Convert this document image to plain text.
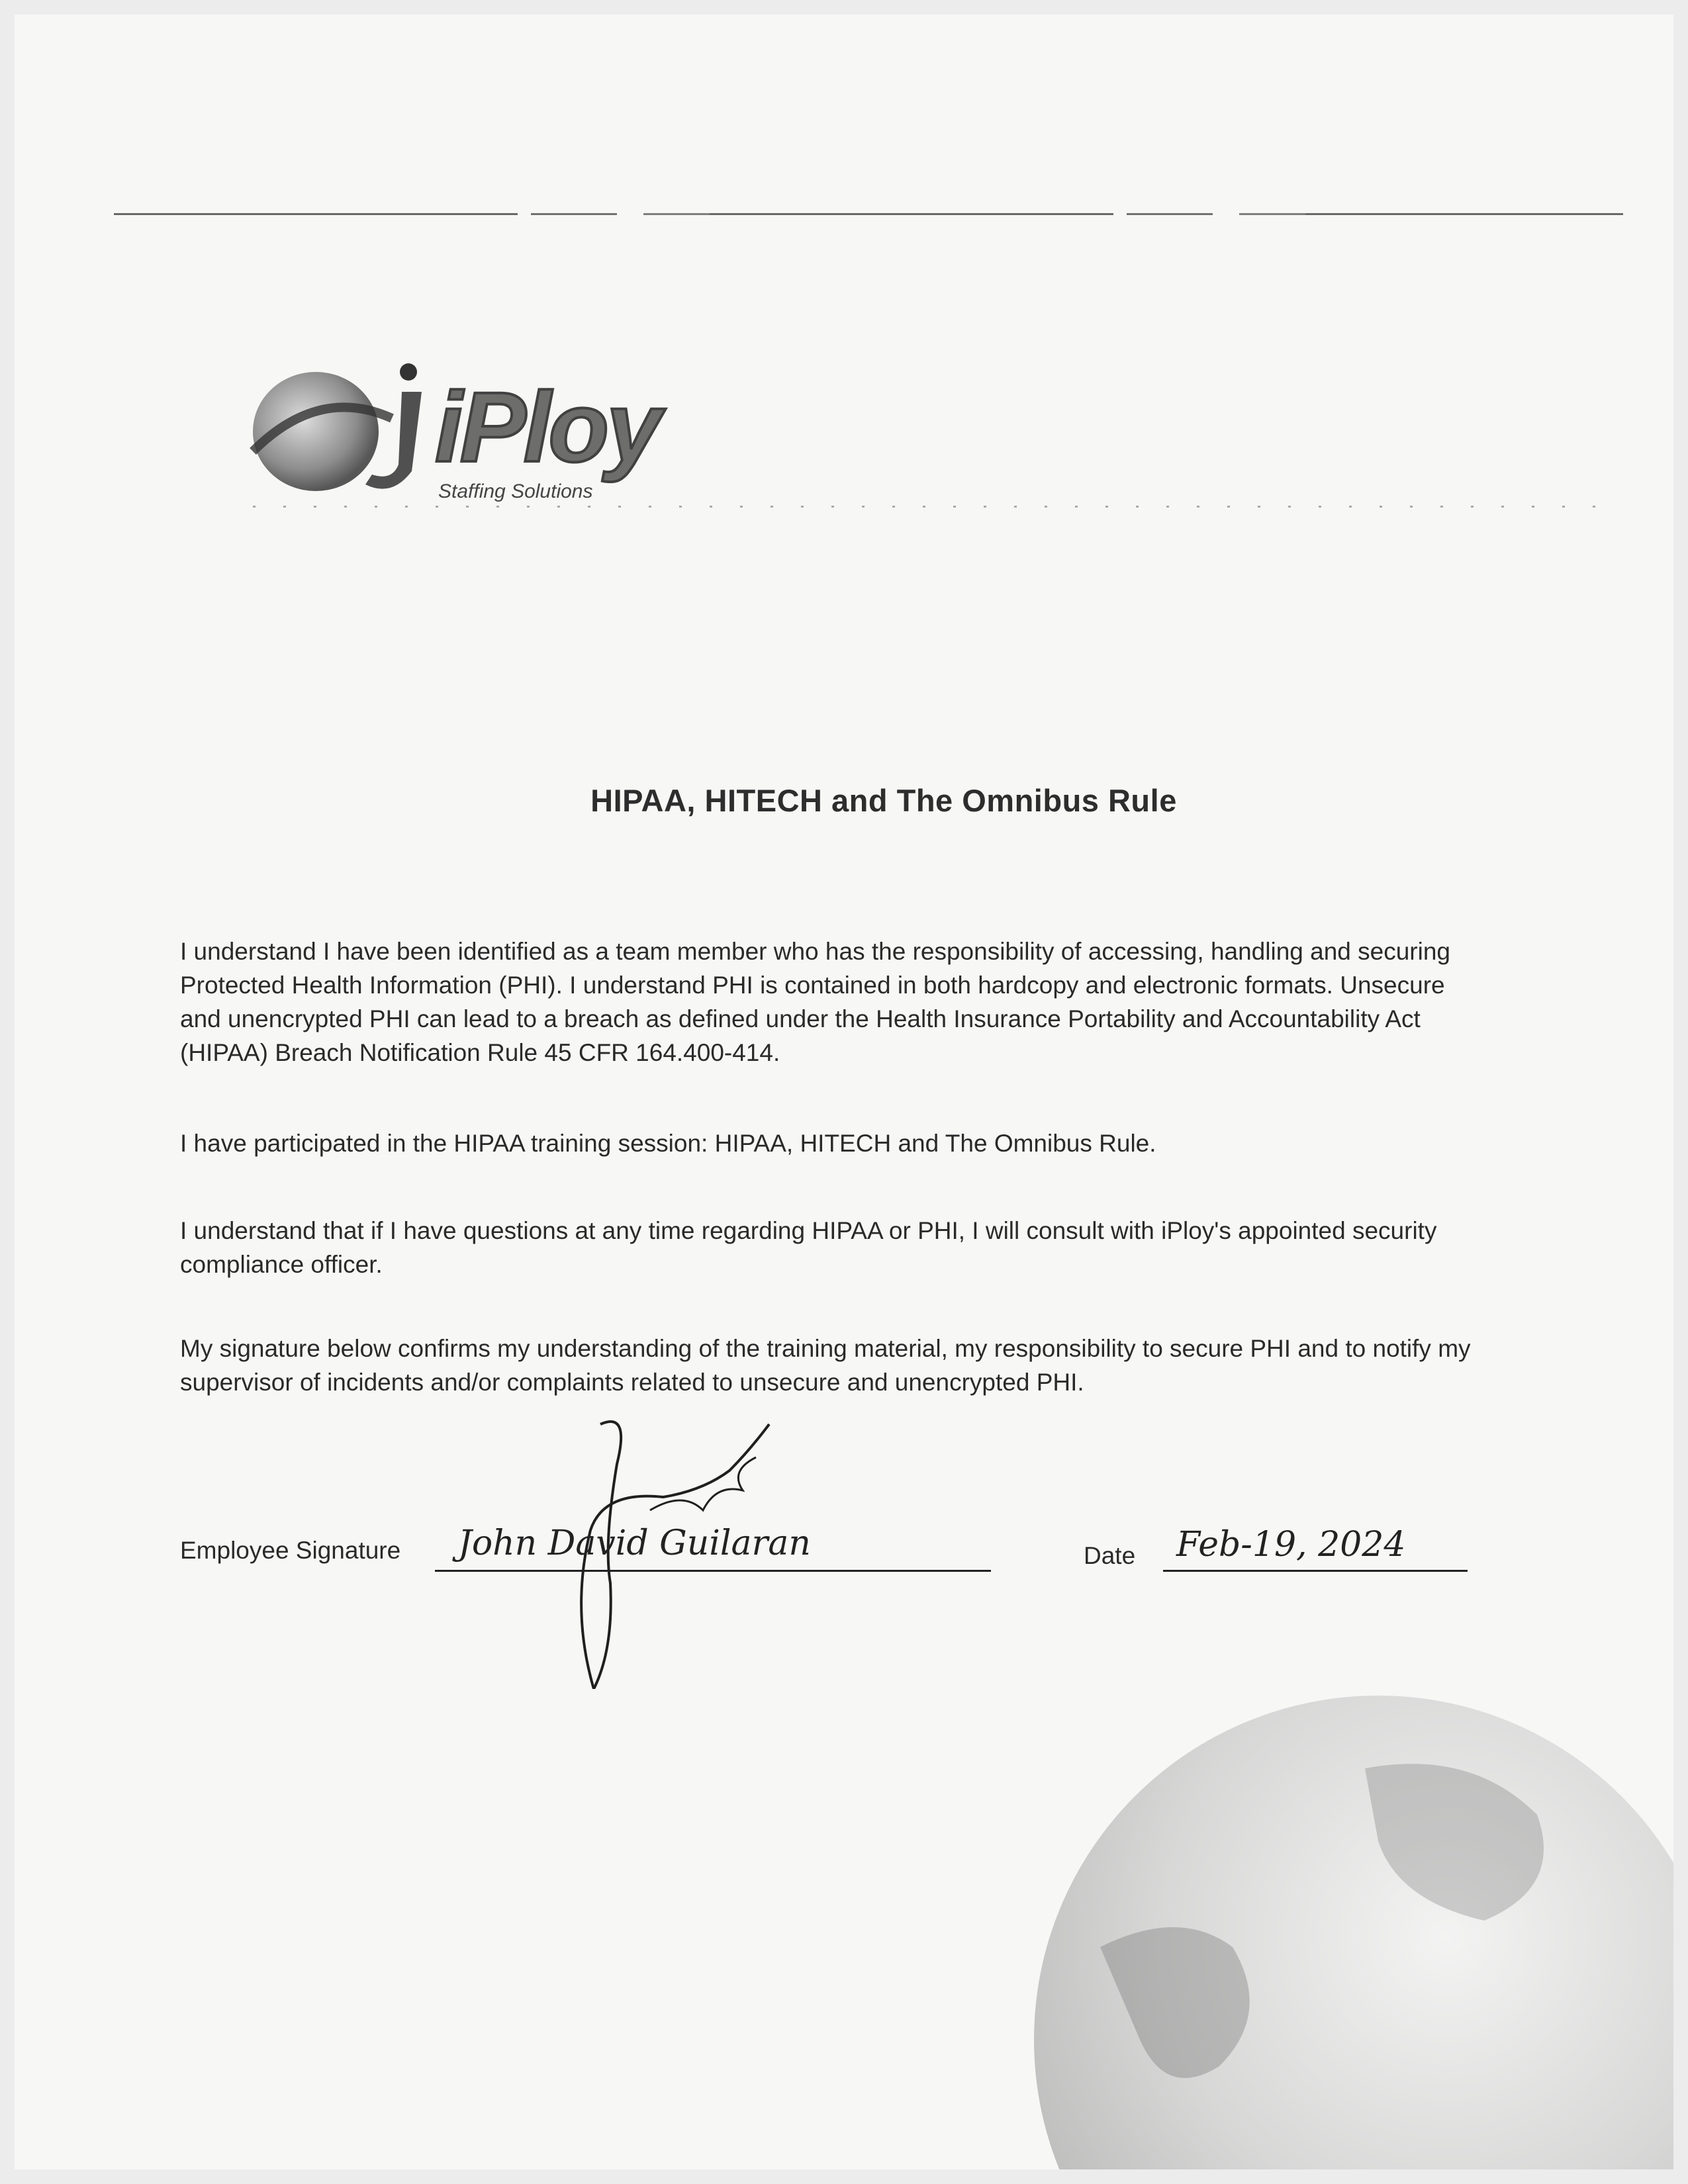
iPloy
Staffing Solutions
HIPAA, HITECH and The Omnibus Rule
I understand I have been identified as a team member who has the responsibility of accessing, handling and securing
Protected Health Information (PHI). I understand PHI is contained in both hardcopy and electronic formats. Unsecure
and unencrypted PHI can lead to a breach as defined under the Health Insurance Portability and Accountability Act
(HIPAA) Breach Notification Rule 45 CFR 164.400-414.
I have participated in the HIPAA training session: HIPAA, HITECH and The Omnibus Rule.
I understand that if I have questions at any time regarding HIPAA or PHI, I will consult with iPloy's appointed security
compliance officer.
My signature below confirms my understanding of the training material, my responsibility to secure PHI and to notify my
supervisor of incidents and/or complaints related to unsecure and unencrypted PHI.
Employee Signature John David Guilaran	Date Feb-19, 2024
